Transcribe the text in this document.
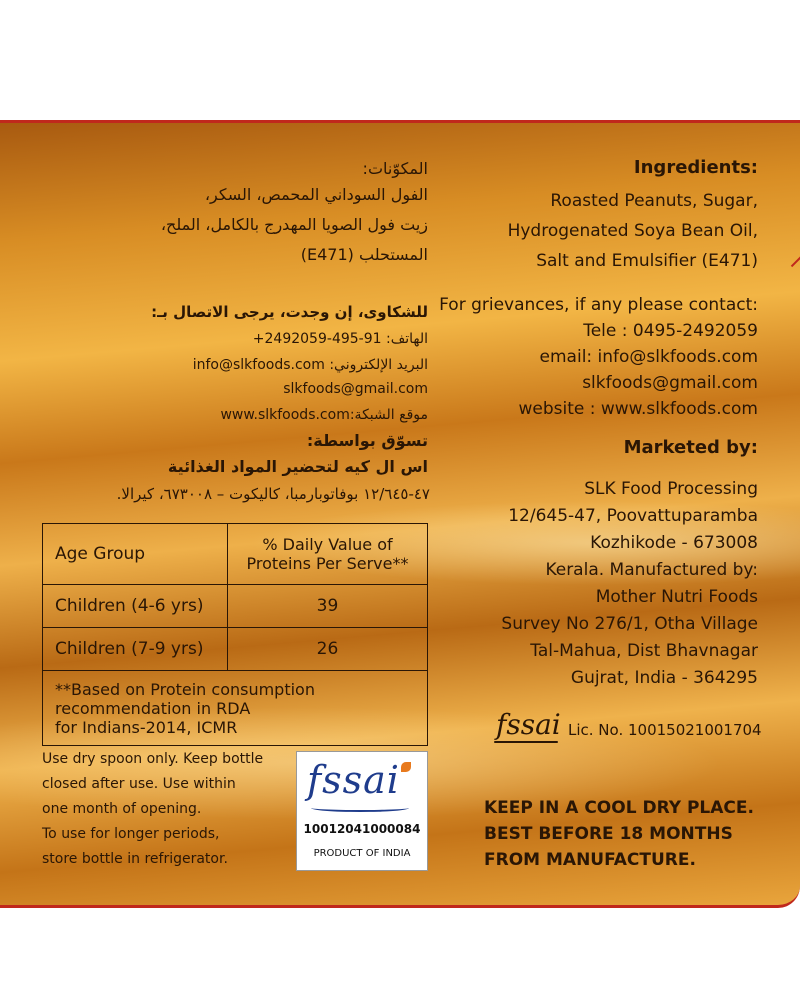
Ingredients:
Roasted Peanuts, Sugar,
Hydrogenated Soya Bean Oil,
Salt and Emulsifier (E471)
المكوّنات:
الفول السوداني المحمص، السكر،
زيت فول الصويا المهدرج بالكامل، الملح،
المستحلب (E471)
For grievances, if any please contact:
Tele : 0495-2492059
email: info@slkfoods.com
slkfoods@gmail.com
website : www.slkfoods.com
للشكاوى، إن وجدت، يرجى الاتصال بـ:
الهاتف: 91-495-2492059+
البريد الإلكتروني: info@slkfoods.com
slkfoods@gmail.com
موقع الشبكة:www.slkfoods.com
تسوّق بواسطة:
اس ال كيه لتحضير المواد الغذائية
٤٧-١٢/٦٤٥ بوفاتوبارمبا، كاليكوت – ٦٧٣٠٠٨، كيرالا.
Marketed by:
SLK Food Processing
12/645-47, Poovattuparamba
Kozhikode - 673008
Kerala. Manufactured by:
Mother Nutri Foods
Survey No 276/1, Otha Village
Tal-Mahua, Dist Bhavnagar
Gujrat, India - 364295
fssai Lic. No. 10015021001704
Age Group	% Daily Value of
Proteins Per Serve**
Children (4-6 yrs)	39
Children (7-9 yrs)	26
**Based on Protein consumption
recommendation in RDA
for Indians-2014, ICMR
Use dry spoon only. Keep bottle
closed after use. Use within
one month of opening.
To use for longer periods,
store bottle in refrigerator.
fssai
10012041000084
PRODUCT OF INDIA
KEEP IN A COOL DRY PLACE.
BEST BEFORE 18 MONTHS
FROM MANUFACTURE.
